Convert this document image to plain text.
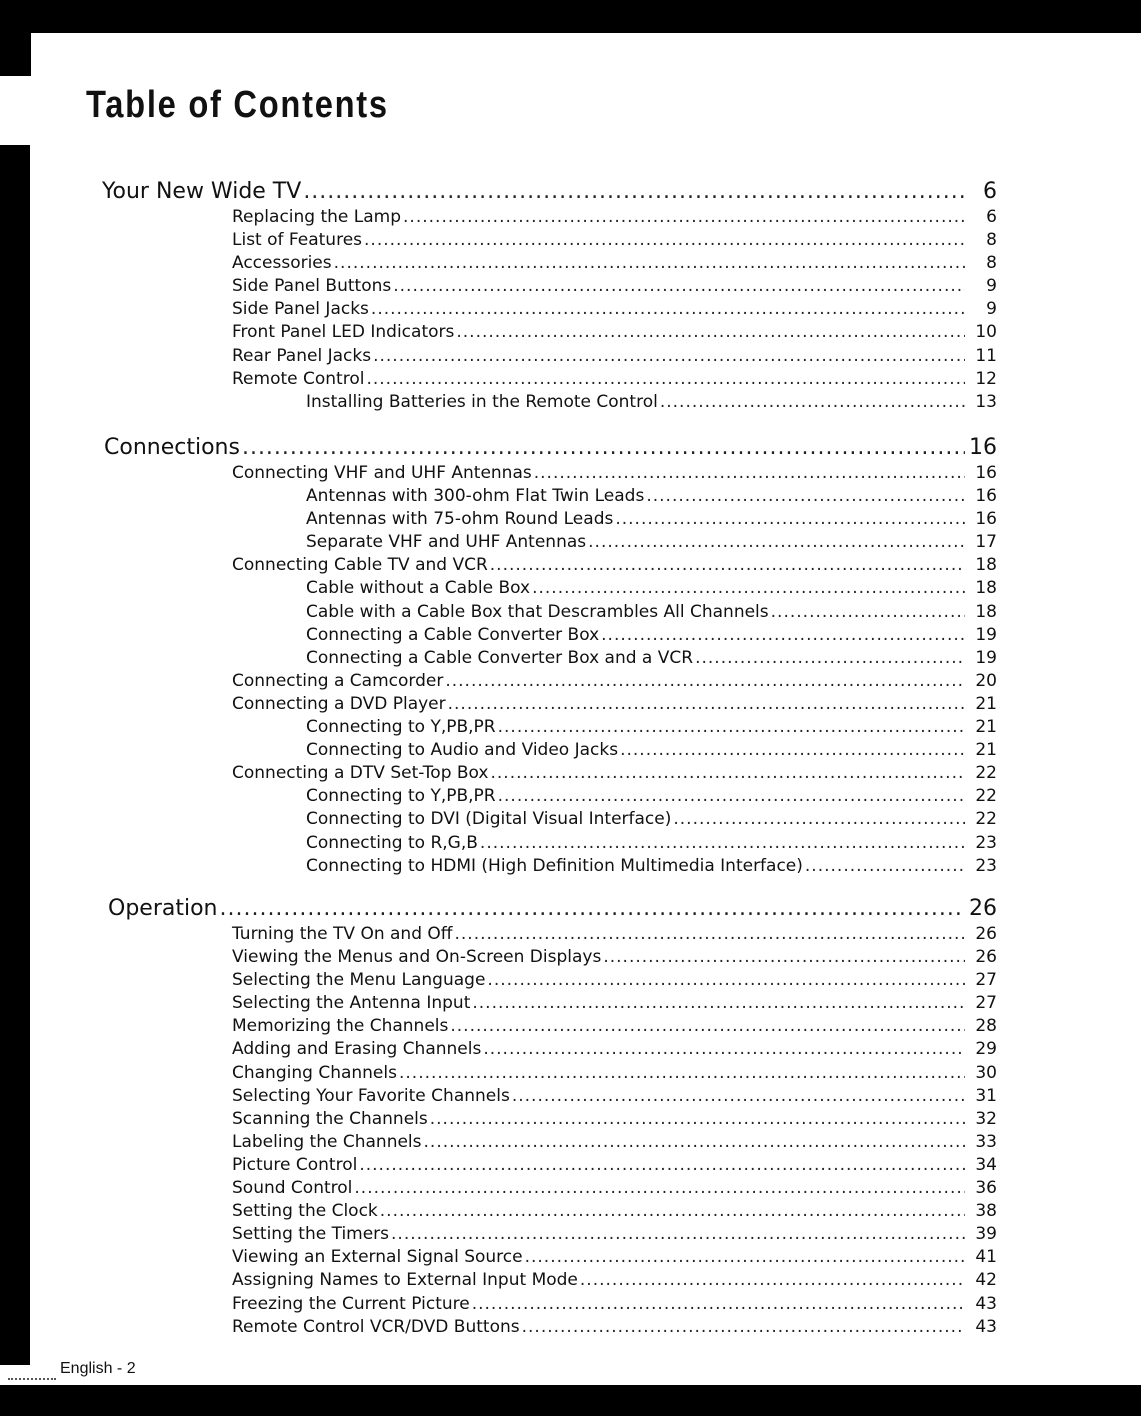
Table of Contents
Your New Wide TV .....	6
Replacing the Lamp .....	6
List of Features .....	8
Accessories .....	8
Side Panel Buttons .....	9
Side Panel Jacks .....	9
Front Panel LED Indicators .....	10
Rear Panel Jacks .....	11
Remote Control .....	12
Installing Batteries in the Remote Control .....	13
Connections .....	16
Connecting VHF and UHF Antennas .....	16
Antennas with 300-ohm Flat Twin Leads .....	16
Antennas with 75-ohm Round Leads .....	16
Separate VHF and UHF Antennas .....	17
Connecting Cable TV and VCR .....	18
Cable without a Cable Box .....	18
Cable with a Cable Box that Descrambles All Channels .....	18
Connecting a Cable Converter Box .....	19
Connecting a Cable Converter Box and a VCR .....	19
Connecting a Camcorder .....	20
Connecting a DVD Player .....	21
Connecting to Y,PB,PR .....	21
Connecting to Audio and Video Jacks .....	21
Connecting a DTV Set-Top Box .....	22
Connecting to Y,PB,PR .....	22
Connecting to DVI (Digital Visual Interface) .....	22
Connecting to R,G,B .....	23
Connecting to HDMI (High Definition Multimedia Interface) .....	23
Operation .....	26
Turning the TV On and Off .....	26
Viewing the Menus and On-Screen Displays .....	26
Selecting the Menu Language .....	27
Selecting the Antenna Input .....	27
Memorizing the Channels .....	28
Adding and Erasing Channels .....	29
Changing Channels .....	30
Selecting Your Favorite Channels .....	31
Scanning the Channels .....	32
Labeling the Channels .....	33
Picture Control .....	34
Sound Control .....	36
Setting the Clock .....	38
Setting the Timers .....	39
Viewing an External Signal Source .....	41
Assigning Names to External Input Mode .....	42
Freezing the Current Picture .....	43
Remote Control VCR/DVD Buttons .....	43
English - 2
